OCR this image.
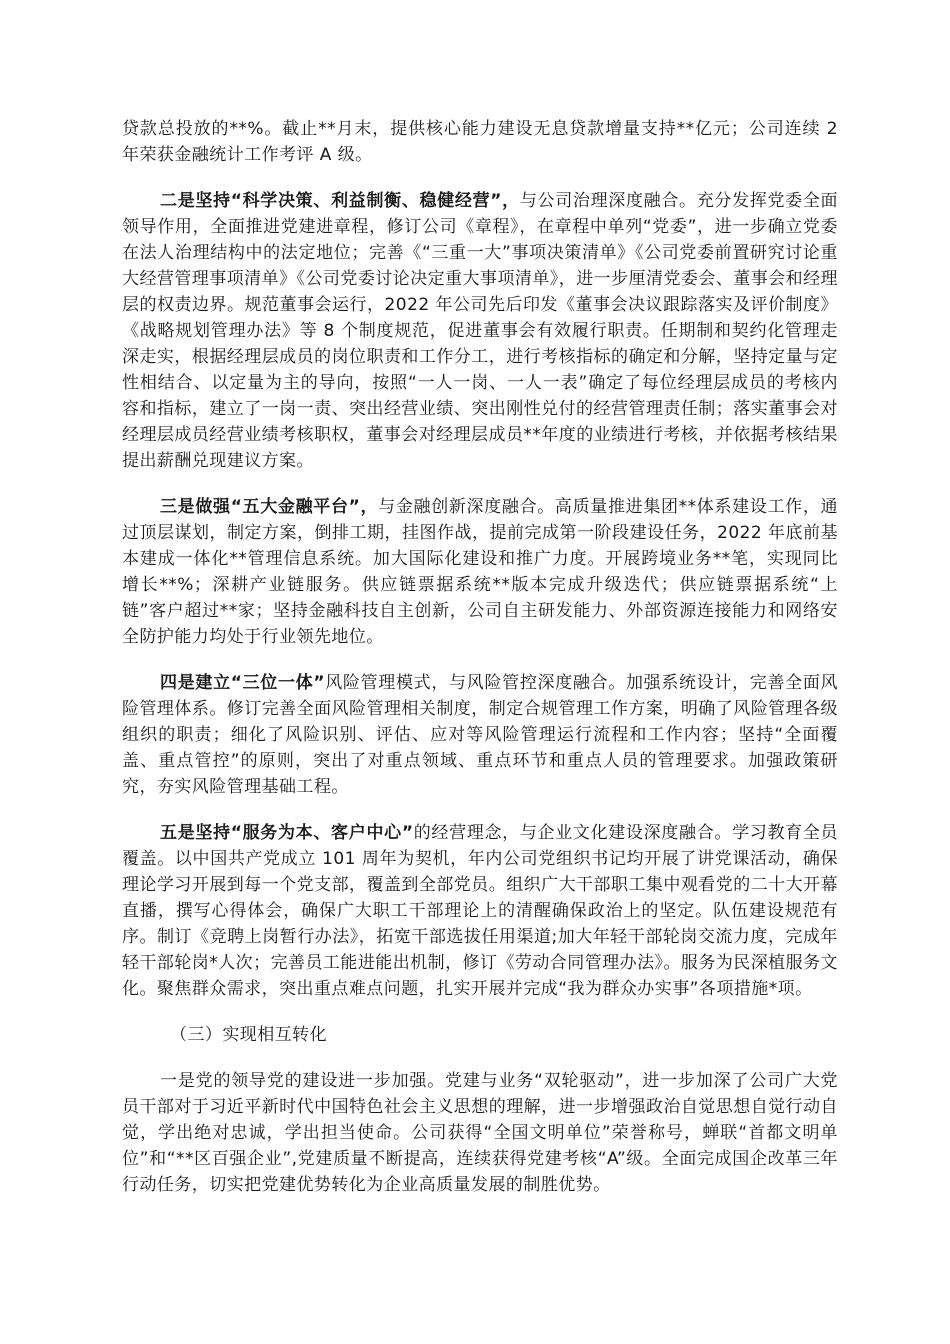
贷款总投放的**%。截止**月末，提供核心能力建设无息贷款增量支持**亿元；公司连续 2 年荣获金融统计工作考评 A 级。

二是坚持“科学决策、利益制衡、稳健经营”，与公司治理深度融合。充分发挥党委全面领导作用，全面推进党建进章程，修订公司《章程》，在章程中单列“党委”，进一步确立党委在法人治理结构中的法定地位；完善《“三重一大”事项决策清单》《公司党委前置研究讨论重大经营管理事项清单》《公司党委讨论决定重大事项清单》，进一步厘清党委会、董事会和经理层的权责边界。规范董事会运行，2022 年公司先后印发《董事会决议跟踪落实及评价制度》《战略规划管理办法》等 8 个制度规范，促进董事会有效履行职责。任期制和契约化管理走深走实，根据经理层成员的岗位职责和工作分工，进行考核指标的确定和分解，坚持定量与定性相结合、以定量为主的导向，按照“一人一岗、一人一表”确定了每位经理层成员的考核内容和指标，建立了一岗一责、突出经营业绩、突出刚性兑付的经营管理责任制；落实董事会对经理层成员经营业绩考核职权，董事会对经理层成员**年度的业绩进行考核，并依据考核结果提出薪酬兑现建议方案。

三是做强“五大金融平台”，与金融创新深度融合。高质量推进集团**体系建设工作，通过顶层谋划，制定方案，倒排工期，挂图作战，提前完成第一阶段建设任务，2022 年底前基本建成一体化**管理信息系统。加大国际化建设和推广力度。开展跨境业务**笔，实现同比增长**%；深耕产业链服务。供应链票据系统**版本完成升级迭代；供应链票据系统“上链”客户超过**家；坚持金融科技自主创新，公司自主研发能力、外部资源连接能力和网络安全防护能力均处于行业领先地位。

四是建立“三位一体”风险管理模式，与风险管控深度融合。加强系统设计，完善全面风险管理体系。修订完善全面风险管理相关制度，制定合规管理工作方案，明确了风险管理各级组织的职责；细化了风险识别、评估、应对等风险管理运行流程和工作内容；坚持“全面覆盖、重点管控”的原则，突出了对重点领域、重点环节和重点人员的管理要求。加强政策研究，夯实风险管理基础工程。

五是坚持“服务为本、客户中心”的经营理念，与企业文化建设深度融合。学习教育全员覆盖。以中国共产党成立 101 周年为契机，年内公司党组织书记均开展了讲党课活动，确保理论学习开展到每一个党支部，覆盖到全部党员。组织广大干部职工集中观看党的二十大开幕直播，撰写心得体会，确保广大职工干部理论上的清醒确保政治上的坚定。队伍建设规范有序。制订《竞聘上岗暂行办法》，拓宽干部选拔任用渠道;加大年轻干部轮岗交流力度，完成年轻干部轮岗*人次；完善员工能进能出机制，修订《劳动合同管理办法》。服务为民深植服务文化。聚焦群众需求，突出重点难点问题，扎实开展并完成“我为群众办实事”各项措施*项。

（三）实现相互转化

一是党的领导党的建设进一步加强。党建与业务“双轮驱动”，进一步加深了公司广大党员干部对于习近平新时代中国特色社会主义思想的理解，进一步增强政治自觉思想自觉行动自觉，学出绝对忠诚，学出担当使命。公司获得“全国文明单位”荣誉称号，蝉联“首都文明单位”和“**区百强企业”,党建质量不断提高，连续获得党建考核“A”级。全面完成国企改革三年行动任务，切实把党建优势转化为企业高质量发展的制胜优势。
